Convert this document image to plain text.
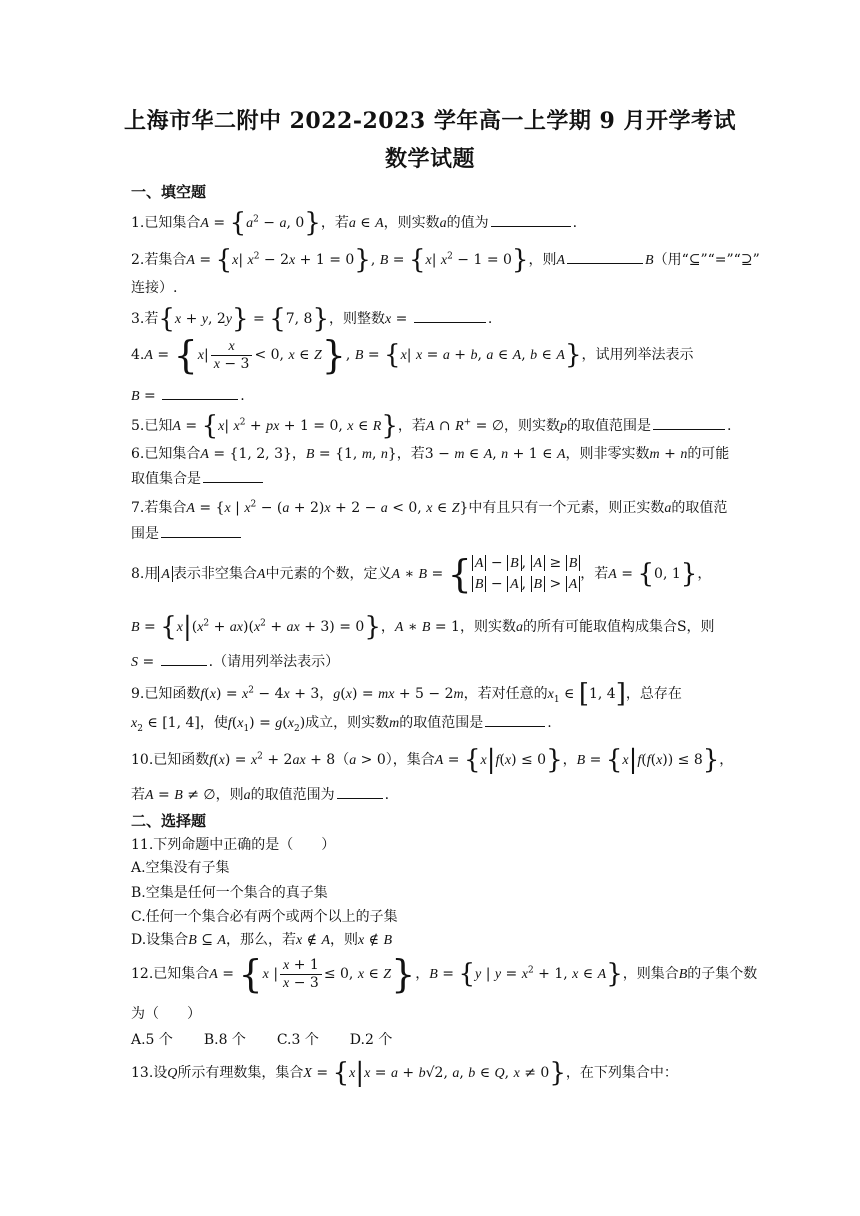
上海市华二附中 2022-2023 学年高一上学期 9 月开学考试
数学试题
一、填空题
1.已知集合$A = \{a^2 - a$, 0}，若a ∈ A，则实数a的值为	.
2.若集合A = {x| $x^2 - 2x + 1 = 0$}, B = {x| $x^2 - 1 = 0$}，则A	B（用“⊆”“=”“⊇”
连接）.
3.若{x + y, 2y} = {7, 8}，则整数x =	.
$4.A = \{x| \frac{x}{x - 3} < 0$, x ∈ Z}, B = {x| x = a + b, a ∈ A, b ∈ A}，试用列举法表示
B =	.
5.已知A = {x| $x^2$ + px + 1 = 0, x ∈ R}，若A ∩ R+ = ∅，则实数p的取值范围是	.
6.已知集合A = {1, 2, 3}，B = {1, m, n}，若3 − m ∈ A, n + 1 ∈ A，则非零实数m + n的可能
取值集合是
7.若集合A = {x | $x^2 - (a + 2)x + 2 - a < 0$, x ∈ Z}中有且只有一个元素，则正实数a的取值范
围是
8.用 A 表示非空集合A中元素的个数，定义A ∗ B = { A − B , A ≥ B
B − A , B > A，若A = {0, 1}，
$B = \{x|(x^2 + ax)(x^2$ + ax + 3) = 0}，A ∗ B = 1，则实数a的所有可能取值构成集合S，则
S =	.（请用列举法表示）
9.已知函数$f(x) = x^2 - 4x + 3$，g(x) = mx + 5 − 2m，若对任意的$x_1$ ∈ [1, 4]，总存在
$x_2$ ∈ [1, 4]，使$f(x_1) = g(x_2)$成立，则实数m的取值范围是	.
10.已知函数$f(x) = x^2 + 2ax + 8(a > 0)$，集合A = {x|f(x) ≤ 0}，B = {x|f(f(x)) ≤ 8}，
若A = B ≠ ∅，则a的取值范围为	.
二、选择题
11.下列命题中正确的是（　　）
A.空集没有子集
B.空集是任何一个集合的真子集
C.任何一个集合必有两个或两个以上的子集
D.设集合B ⊆ A，那么，若x ∉ A，则x ∉ B
12.已知集合A = {x | $\frac{x + 1}{x - 3} \le 0$, x ∈ Z}，B = {y | $y = x^2 + 1$, x ∈ A}，则集合B的子集个数
为（　　）
A.5 个 B.8 个 C.3 个 D.2 个
13.设Q所示有理数集，集合X = {x|x = a + b√2, a, b ∈ Q, x ≠ 0}，在下列集合中：
